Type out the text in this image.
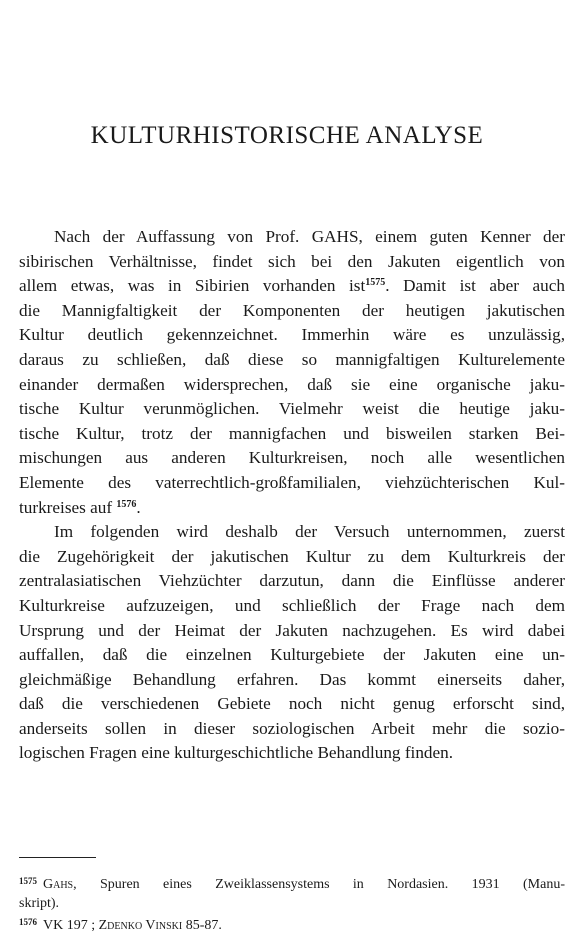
KULTURHISTORISCHE ANALYSE
Nach der Auffassung von Prof. GAHS, einem guten Kenner der
sibirischen Verhältnisse, findet sich bei den Jakuten eigentlich von
allem etwas, was in Sibirien vorhanden ist$^{1575}$. Damit ist aber auch
die Mannigfaltigkeit der Komponenten der heutigen jakutischen
Kultur deutlich gekennzeichnet. Immerhin wäre es unzulässig,
daraus zu schließen, daß diese so mannigfaltigen Kulturelemente
einander dermaßen widersprechen, daß sie eine organische jaku-
tische Kultur verunmöglichen. Vielmehr weist die heutige jaku-
tische Kultur, trotz der mannigfachen und bisweilen starken Bei-
mischungen aus anderen Kulturkreisen, noch alle wesentlichen
Elemente des vaterrechtlich-großfamilialen, viehzüchterischen Kul-
turkreises auf $^{1576}$.
Im folgenden wird deshalb der Versuch unternommen, zuerst
die Zugehörigkeit der jakutischen Kultur zu dem Kulturkreis der
zentralasiatischen Viehzüchter darzutun, dann die Einflüsse anderer
Kulturkreise aufzuzeigen, und schließlich der Frage nach dem
Ursprung und der Heimat der Jakuten nachzugehen. Es wird dabei
auffallen, daß die einzelnen Kulturgebiete der Jakuten eine un-
gleichmäßige Behandlung erfahren. Das kommt einerseits daher,
daß die verschiedenen Gebiete noch nicht genug erforscht sind,
anderseits sollen in dieser soziologischen Arbeit mehr die sozio-
logischen Fragen eine kulturgeschichtliche Behandlung finden.
$^{1575}$ Gahs, Spuren eines Zweiklassensystems in Nordasien. 1931 (Manu-
skript).
$^{1576}$ VK 197 ; Zdenko Vinski 85-87.
